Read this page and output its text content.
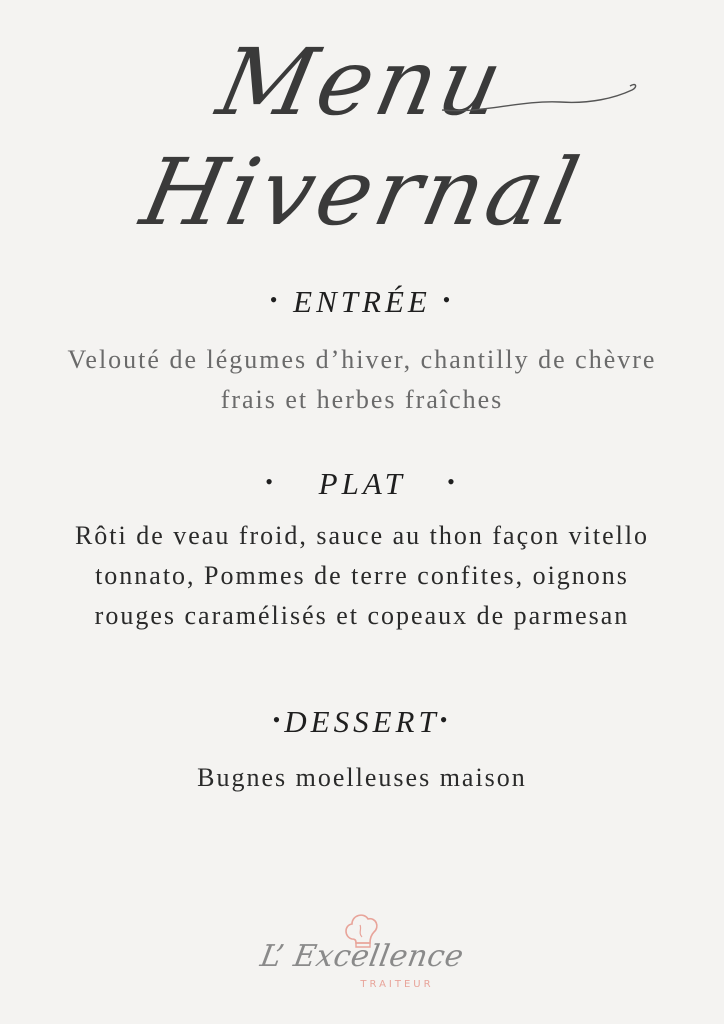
Menu
Hivernal
• ENTRÉE •
Velouté de légumes d’hiver, chantilly de chèvre frais et herbes fraîches
• PLAT •
Rôti de veau froid, sauce au thon façon vitello tonnato, Pommes de terre confites, oignons rouges caramélisés et copeaux de parmesan
•DESSERT•
Bugnes moelleuses maison
L’ Excellence
TRAITEUR
